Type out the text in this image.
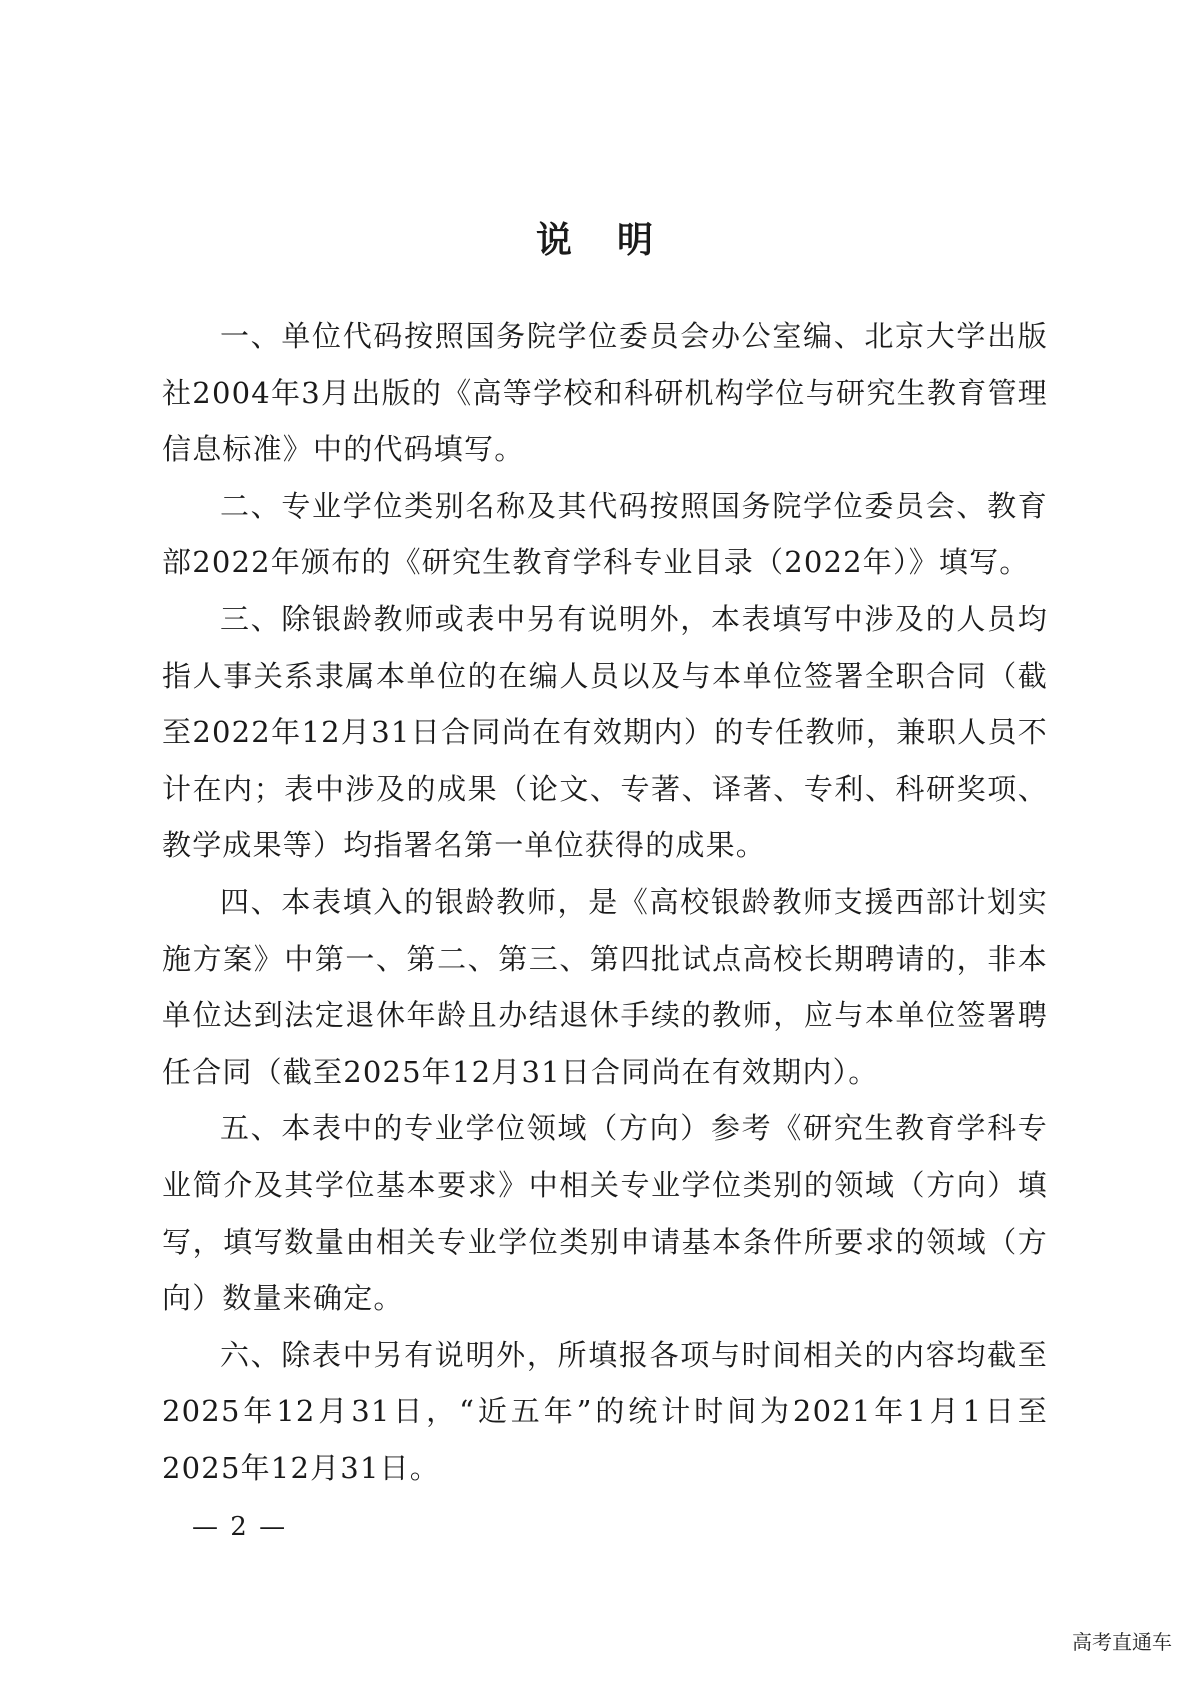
说 明

一、单位代码按照国务院学位委员会办公室编、北京大学出版社2004年3月出版的《高等学校和科研机构学位与研究生教育管理信息标准》中的代码填写。

二、专业学位类别名称及其代码按照国务院学位委员会、教育部2022年颁布的《研究生教育学科专业目录（2022年）》填写。

三、除银龄教师或表中另有说明外，本表填写中涉及的人员均指人事关系隶属本单位的在编人员以及与本单位签署全职合同（截至2022年12月31日合同尚在有效期内）的专任教师，兼职人员不计在内；表中涉及的成果（论文、专著、译著、专利、科研奖项、教学成果等）均指署名第一单位获得的成果。

四、本表填入的银龄教师，是《高校银龄教师支援西部计划实施方案》中第一、第二、第三、第四批试点高校长期聘请的，非本单位达到法定退休年龄且办结退休手续的教师，应与本单位签署聘任合同（截至2025年12月31日合同尚在有效期内）。

五、本表中的专业学位领域（方向）参考《研究生教育学科专业简介及其学位基本要求》中相关专业学位类别的领域（方向）填写，填写数量由相关专业学位类别申请基本条件所要求的领域（方向）数量来确定。

六、除表中另有说明外，所填报各项与时间相关的内容均截至2025年12月31日，“近五年”的统计时间为2021年1月1日至2025年12月31日。

— 2 —
高考直通车
